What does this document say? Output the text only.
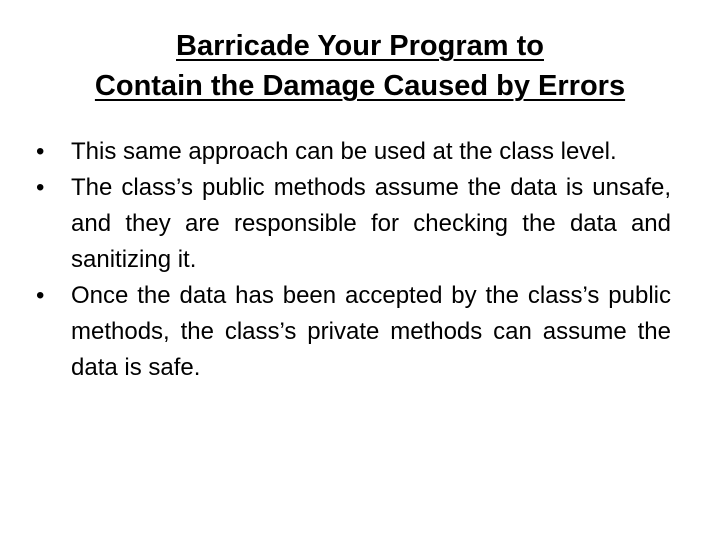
Barricade Your Program to
Contain the Damage Caused by Errors
•	This same approach can be used at the class level.
•	The class’s public methods assume the data is unsafe, and they are responsible for checking the data and sanitizing it.
•	Once the data has been accepted by the class’s public methods, the class’s private methods can assume the data is safe.
